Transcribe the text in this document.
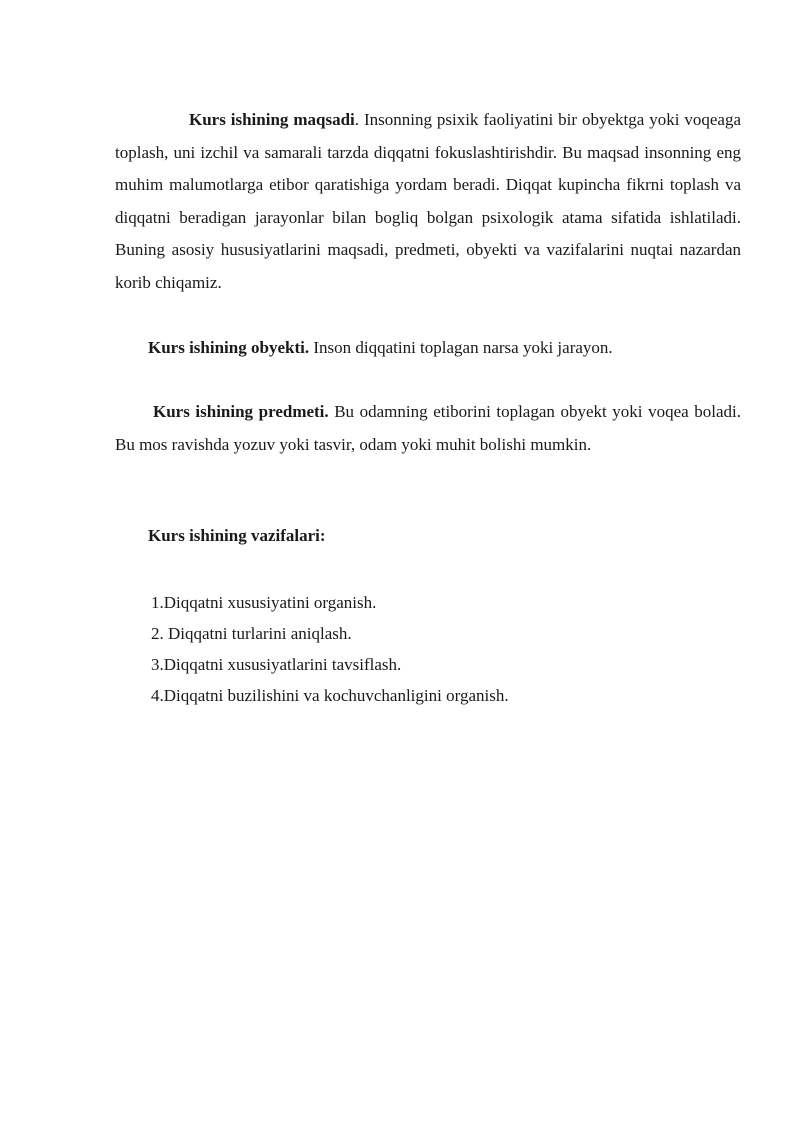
Kurs ishining maqsadi. Insonning psixik faoliyatini bir obyektga yoki voqeaga toplash, uni izchil va samarali tarzda diqqatni fokuslashtirishdir. Bu maqsad insonning eng muhim malumotlarga etibor qaratishiga yordam beradi. Diqqat kupincha fikrni toplash va diqqatni beradigan jarayonlar bilan bogliq bolgan psixologik atama sifatida ishlatiladi. Buning asosiy hususiyatlarini maqsadi, predmeti, obyekti va vazifalarini nuqtai nazardan korib chiqamiz.

Kurs ishining obyekti. Inson diqqatini toplagan narsa yoki jarayon.

Kurs ishining predmeti. Bu odamning etiborini toplagan obyekt yoki voqea boladi. Bu mos ravishda yozuv yoki tasvir, odam yoki muhit bolishi mumkin.

Kurs ishining vazifalari:

1.Diqqatni xususiyatini organish.
2. Diqqatni turlarini aniqlash.
3.Diqqatni xususiyatlarini tavsiflash.
4.Diqqatni buzilishini va kochuvchanligini organish.
